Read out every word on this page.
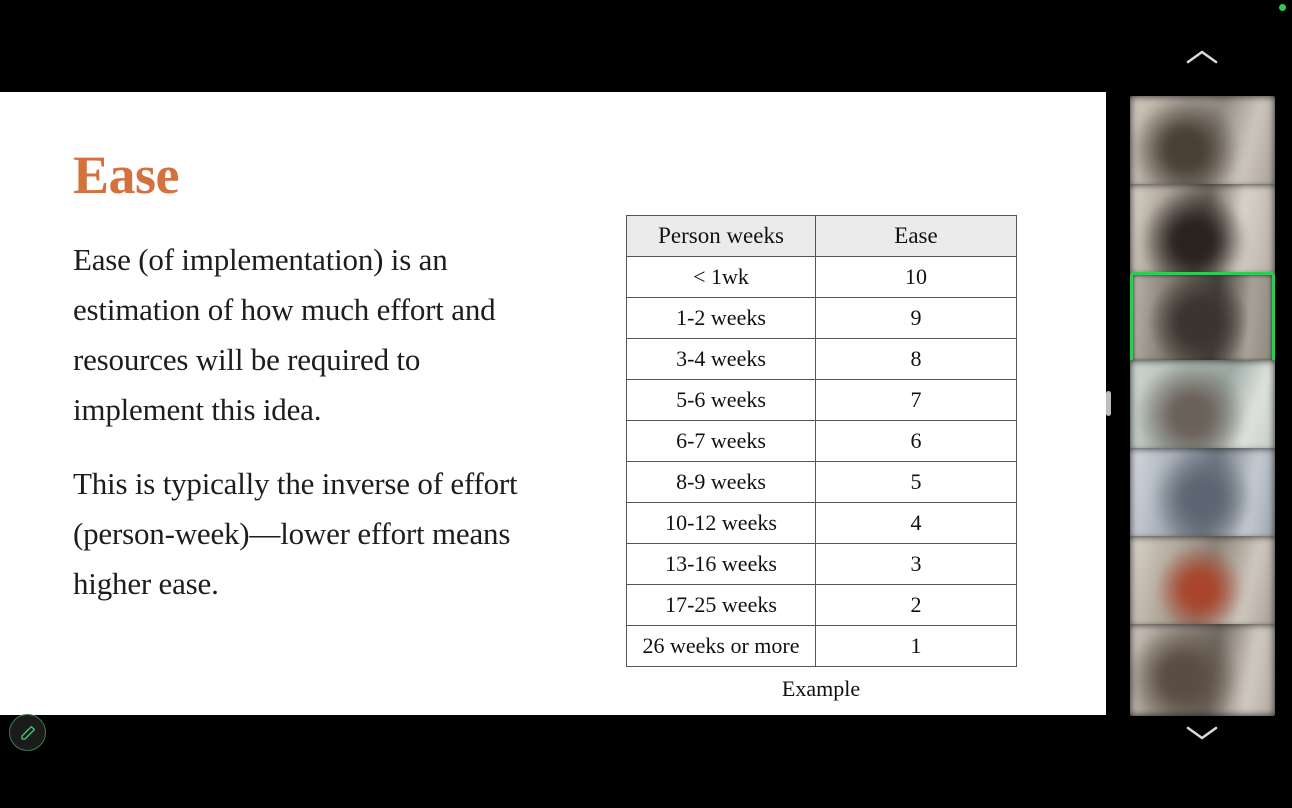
Ease

Ease (of implementation) is an estimation of how much effort and resources will be required to implement this idea.

This is typically the inverse of effort (person-week)—lower effort means higher ease.

Person weeks	Ease
< 1wk	10
1-2 weeks	9
3-4 weeks	8
5-6 weeks	7
6-7 weeks	6
8-9 weeks	5
10-12 weeks	4
13-16 weeks	3
17-25 weeks	2
26 weeks or more	1
Example
